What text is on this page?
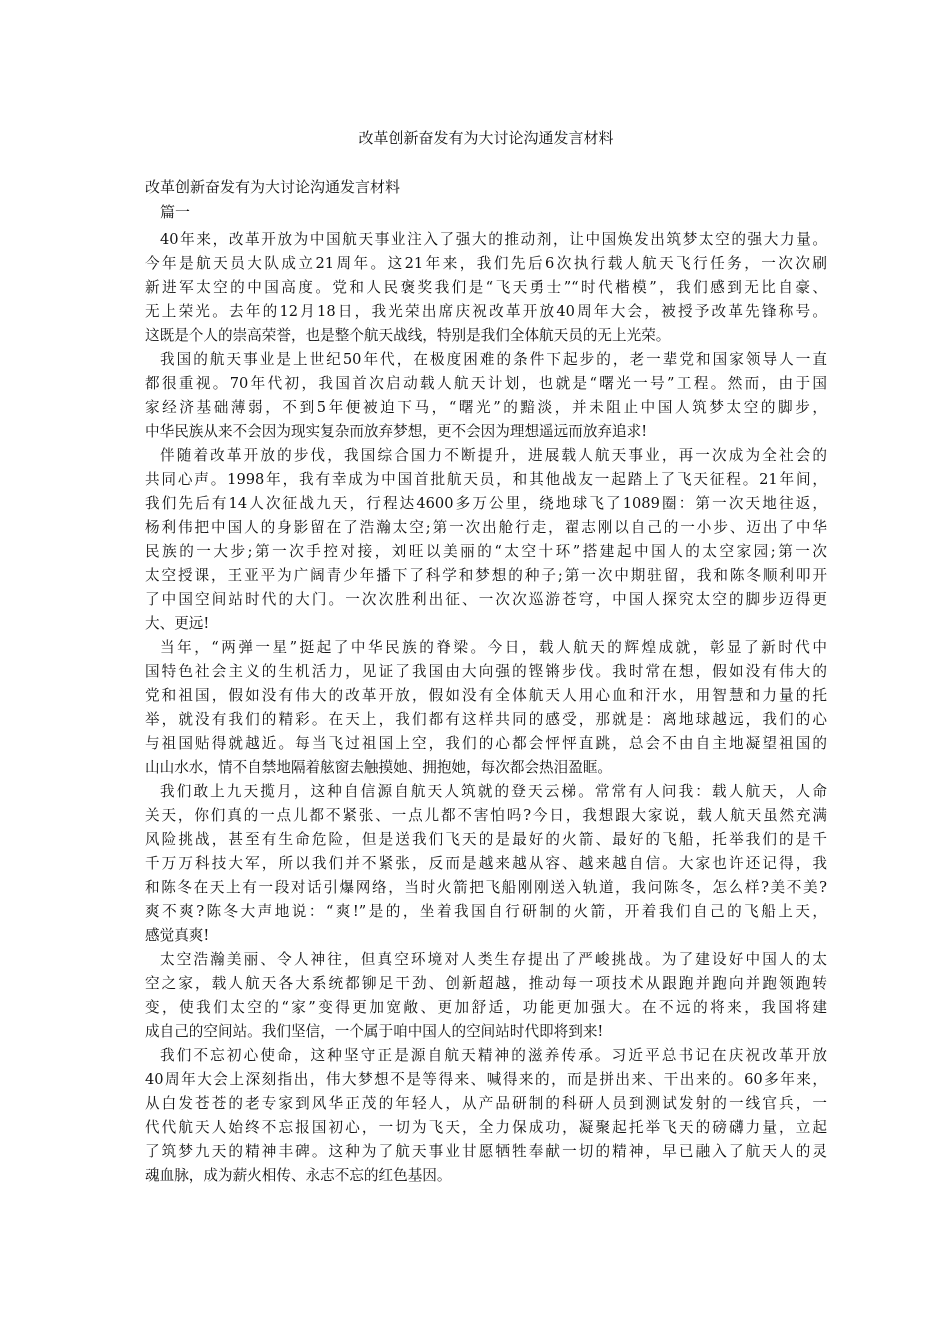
改革创新奋发有为大讨论沟通发言材料
改革创新奋发有为大讨论沟通发言材料
篇一
40年来，改革开放为中国航天事业注入了强大的推动剂，让中国焕发出筑梦太空的强大力量。
今年是航天员大队成立21周年。这21年来，我们先后6次执行载人航天飞行任务，一次次刷
新进军太空的中国高度。党和人民褒奖我们是“飞天勇士”“时代楷模”，我们感到无比自豪、
无上荣光。去年的12月18日，我光荣出席庆祝改革开放40周年大会，被授予改革先锋称号。
这既是个人的崇高荣誉，也是整个航天战线，特别是我们全体航天员的无上光荣。
我国的航天事业是上世纪50年代，在极度困难的条件下起步的，老一辈党和国家领导人一直
都很重视。70年代初，我国首次启动载人航天计划，也就是“曙光一号”工程。然而，由于国
家经济基础薄弱，不到5年便被迫下马，“曙光”的黯淡，并未阻止中国人筑梦太空的脚步，
中华民族从来不会因为现实复杂而放弃梦想，更不会因为理想遥远而放弃追求!
伴随着改革开放的步伐，我国综合国力不断提升，进展载人航天事业，再一次成为全社会的
共同心声。1998年，我有幸成为中国首批航天员，和其他战友一起踏上了飞天征程。21年间，
我们先后有14人次征战九天，行程达4600多万公里，绕地球飞了1089圈：第一次天地往返，
杨利伟把中国人的身影留在了浩瀚太空;第一次出舱行走，翟志刚以自己的一小步、迈出了中华
民族的一大步;第一次手控对接，刘旺以美丽的“太空十环”搭建起中国人的太空家园;第一次
太空授课，王亚平为广阔青少年播下了科学和梦想的种子;第一次中期驻留，我和陈冬顺利叩开
了中国空间站时代的大门。一次次胜利出征、一次次巡游苍穹，中国人探究太空的脚步迈得更
大、更远!
当年，“两弹一星”挺起了中华民族的脊梁。今日，载人航天的辉煌成就，彰显了新时代中
国特色社会主义的生机活力，见证了我国由大向强的铿锵步伐。我时常在想，假如没有伟大的
党和祖国，假如没有伟大的改革开放，假如没有全体航天人用心血和汗水，用智慧和力量的托
举，就没有我们的精彩。在天上，我们都有这样共同的感受，那就是：离地球越远，我们的心
与祖国贴得就越近。每当飞过祖国上空，我们的心都会怦怦直跳，总会不由自主地凝望祖国的
山山水水，情不自禁地隔着舷窗去触摸她、拥抱她，每次都会热泪盈眶。
我们敢上九天揽月，这种自信源自航天人筑就的登天云梯。常常有人问我：载人航天，人命
关天，你们真的一点儿都不紧张、一点儿都不害怕吗?今日，我想跟大家说，载人航天虽然充满
风险挑战，甚至有生命危险，但是送我们飞天的是最好的火箭、最好的飞船，托举我们的是千
千万万科技大军，所以我们并不紧张，反而是越来越从容、越来越自信。大家也许还记得，我
和陈冬在天上有一段对话引爆网络，当时火箭把飞船刚刚送入轨道，我问陈冬，怎么样?美不美?
爽不爽?陈冬大声地说：“爽!”是的，坐着我国自行研制的火箭，开着我们自己的飞船上天，
感觉真爽!
太空浩瀚美丽、令人神往，但真空环境对人类生存提出了严峻挑战。为了建设好中国人的太
空之家，载人航天各大系统都铆足干劲、创新超越，推动每一项技术从跟跑并跑向并跑领跑转
变，使我们太空的“家”变得更加宽敞、更加舒适，功能更加强大。在不远的将来，我国将建
成自己的空间站。我们坚信，一个属于咱中国人的空间站时代即将到来!
我们不忘初心使命，这种坚守正是源自航天精神的滋养传承。习近平总书记在庆祝改革开放
40周年大会上深刻指出，伟大梦想不是等得来、喊得来的，而是拼出来、干出来的。60多年来，
从白发苍苍的老专家到风华正茂的年轻人，从产品研制的科研人员到测试发射的一线官兵，一
代代航天人始终不忘报国初心，一切为飞天，全力保成功，凝聚起托举飞天的磅礴力量，立起
了筑梦九天的精神丰碑。这种为了航天事业甘愿牺牲奉献一切的精神，早已融入了航天人的灵
魂血脉，成为薪火相传、永志不忘的红色基因。
